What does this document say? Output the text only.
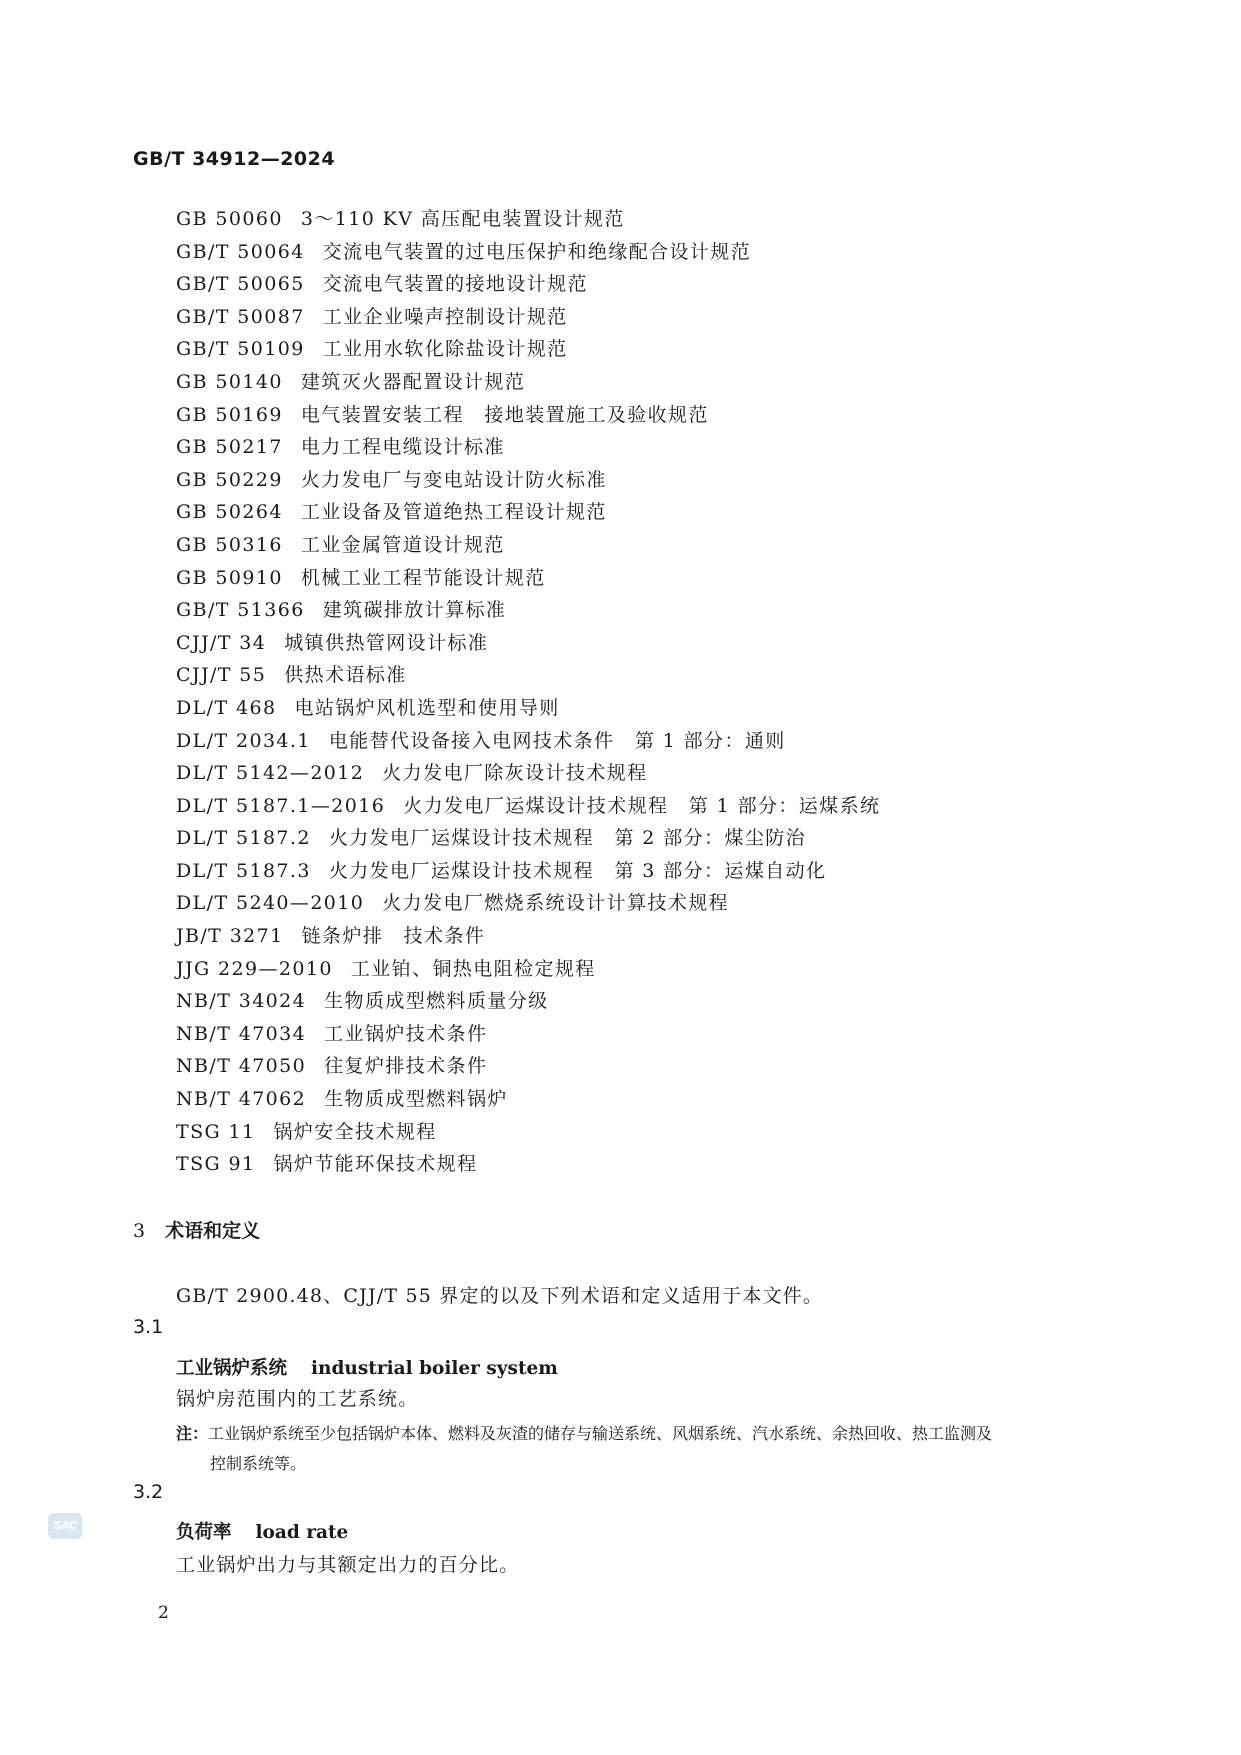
GB/T 34912—2024
GB 50060 3～110 KV 高压配电装置设计规范
GB/T 50064 交流电气装置的过电压保护和绝缘配合设计规范
GB/T 50065 交流电气装置的接地设计规范
GB/T 50087 工业企业噪声控制设计规范
GB/T 50109 工业用水软化除盐设计规范
GB 50140 建筑灭火器配置设计规范
GB 50169 电气装置安装工程　接地装置施工及验收规范
GB 50217 电力工程电缆设计标准
GB 50229 火力发电厂与变电站设计防火标准
GB 50264 工业设备及管道绝热工程设计规范
GB 50316 工业金属管道设计规范
GB 50910 机械工业工程节能设计规范
GB/T 51366 建筑碳排放计算标准
CJJ/T 34 城镇供热管网设计标准
CJJ/T 55 供热术语标准
DL/T 468 电站锅炉风机选型和使用导则
DL/T 2034.1 电能替代设备接入电网技术条件　第 1 部分：通则
DL/T 5142—2012 火力发电厂除灰设计技术规程
DL/T 5187.1—2016 火力发电厂运煤设计技术规程　第 1 部分：运煤系统
DL/T 5187.2 火力发电厂运煤设计技术规程　第 2 部分：煤尘防治
DL/T 5187.3 火力发电厂运煤设计技术规程　第 3 部分：运煤自动化
DL/T 5240—2010 火力发电厂燃烧系统设计计算技术规程
JB/T 3271 链条炉排　技术条件
JJG 229—2010 工业铂、铜热电阻检定规程
NB/T 34024 生物质成型燃料质量分级
NB/T 47034 工业锅炉技术条件
NB/T 47050 往复炉排技术条件
NB/T 47062 生物质成型燃料锅炉
TSG 11 锅炉安全技术规程
TSG 91 锅炉节能环保技术规程
3 术语和定义
GB/T 2900.48、CJJ/T 55 界定的以及下列术语和定义适用于本文件。
3.1
工业锅炉系统 industrial boiler system
锅炉房范围内的工艺系统。
注：工业锅炉系统至少包括锅炉本体、燃料及灰渣的储存与输送系统、风烟系统、汽水系统、余热回收、热工监测及
控制系统等。
3.2
负荷率 load rate
工业锅炉出力与其额定出力的百分比。
SAC
2
